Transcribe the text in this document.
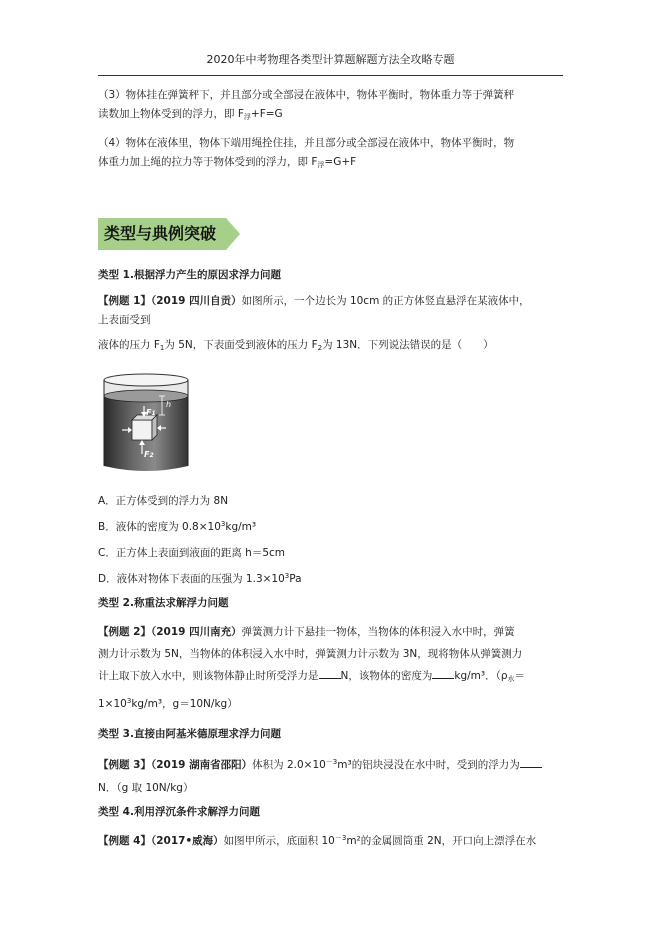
2020年中考物理各类型计算题解题方法全攻略专题
（3）物体挂在弹簧秤下，并且部分或全部浸在液体中，物体平衡时，物体重力等于弹簧秤
读数加上物体受到的浮力，即 $F_浮+F=G$
（4）物体在液体里，物体下端用绳拴住挂，并且部分或全部浸在液体中，物体平衡时，物
体重力加上绳的拉力等于物体受到的浮力，即 $F_浮=G+F$
类型与典例突破
类型 1.根据浮力产生的原因求浮力问题
【例题 1】（2019 四川自贡）如图所示，一个边长为 10cm 的正方体竖直悬浮在某液体中，
上表面受到
液体的压力 $F_1$为 5N，下表面受到液体的压力 $F_2$为 13N．下列说法错误的是（　　）
F1
F2
h
A．正方体受到的浮力为 8N
B．液体的密度为 $0.8\times 10^3kg/m^3$
C．正方体上表面到液面的距离 h＝5cm
D．液体对物体下表面的压强为 $1.3\times 10^3Pa$
类型 2.称重法求解浮力问题
【例题 2】（2019 四川南充）弹簧测力计下悬挂一物体，当物体的体积浸入水中时，弹簧
测力计示数为 5N，当物体的体积浸入水中时，弹簧测力计示数为 3N，现将物体从弹簧测力
计上取下放入水中，则该物体静止时所受浮力是 N，该物体的密度为 kg/m³．（$\rho_水=$
$1\times 10^3kg/m^3$，g＝10N/kg）
类型 3.直接由阿基米德原理求浮力问题
【例题 3】（2019 湖南省邵阳）体积为 $2.0\times 10^{-3}m^3$的铝块浸没在水中时，受到的浮力为
N．（g 取 10N/kg）
类型 4.利用浮沉条件求解浮力问题
【例题 4】（2017•威海）如图甲所示，底面积 $10^{-3}m^2$的金属圆筒重 2N，开口向上漂浮在水
